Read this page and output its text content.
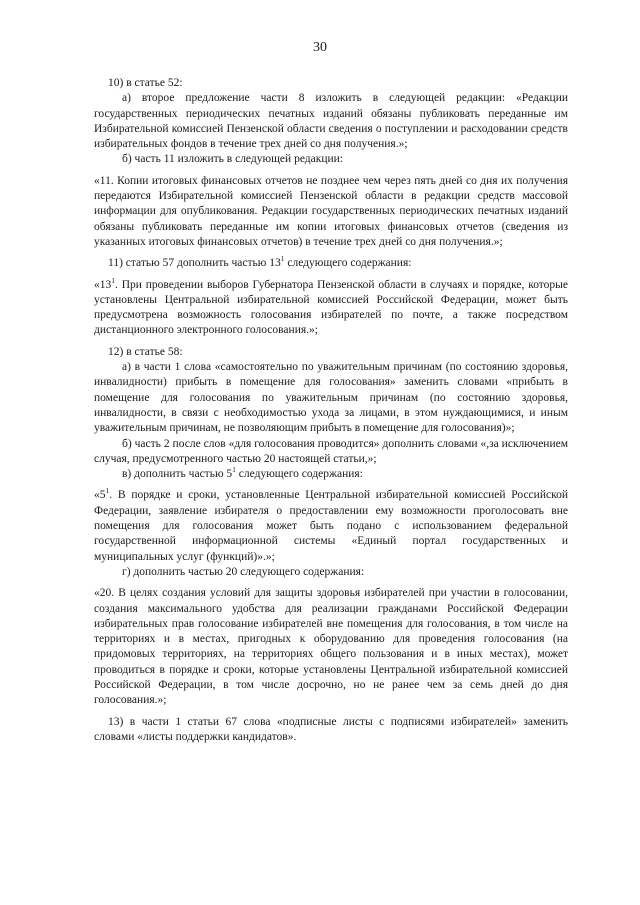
30

10) в статье 52:

а) второе предложение части 8 изложить в следующей редакции: «Редакции государственных периодических печатных изданий обязаны публиковать переданные им Избирательной комиссией Пензенской области сведения о поступлении и расходовании средств избирательных фондов в течение трех дней со дня получения.»;

б) часть 11 изложить в следующей редакции:

«11. Копии итоговых финансовых отчетов не позднее чем через пять дней со дня их получения передаются Избирательной комиссией Пензенской области в редакции средств массовой информации для опубликования. Редакции государственных периодических печатных изданий обязаны публиковать переданные им копии итоговых финансовых отчетов (сведения из указанных итоговых финансовых отчетов) в течение трех дней со дня получения.»;

11) статью 57 дополнить частью $13^1$ следующего содержания:

«$13^1$. При проведении выборов Губернатора Пензенской области в случаях и порядке, которые установлены Центральной избирательной комиссией Российской Федерации, может быть предусмотрена возможность голосования избирателей по почте, а также посредством дистанционного электронного голосования.»;

12) в статье 58:

а) в части 1 слова «самостоятельно по уважительным причинам (по состоянию здоровья, инвалидности) прибыть в помещение для голосования» заменить словами «прибыть в помещение для голосования по уважительным причинам (по состоянию здоровья, инвалидности, в связи с необходимостью ухода за лицами, в этом нуждающимися, и иным уважительным причинам, не позволяющим прибыть в помещение для голосования)»;

б) часть 2 после слов «для голосования проводится» дополнить словами «,за исключением случая, предусмотренного частью 20 настоящей статьи,»;

в) дополнить частью $5^1$ следующего содержания:

«$5^1$. В порядке и сроки, установленные Центральной избирательной комиссией Российской Федерации, заявление избирателя о предоставлении ему возможности проголосовать вне помещения для голосования может быть подано с использованием федеральной государственной информационной системы «Единый портал государственных и муниципальных услуг (функций)».»;

г) дополнить частью 20 следующего содержания:

«20. В целях создания условий для защиты здоровья избирателей при участии в голосовании, создания максимального удобства для реализации гражданами Российской Федерации избирательных прав голосование избирателей вне помещения для голосования, в том числе на территориях и в местах, пригодных к оборудованию для проведения голосования (на придомовых территориях, на территориях общего пользования и в иных местах), может проводиться в порядке и сроки, которые установлены Центральной избирательной комиссией Российской Федерации, в том числе досрочно, но не ранее чем за семь дней до дня голосования.»;

13) в части 1 статьи 67 слова «подписные листы с подписями избирателей» заменить словами «листы поддержки кандидатов».
